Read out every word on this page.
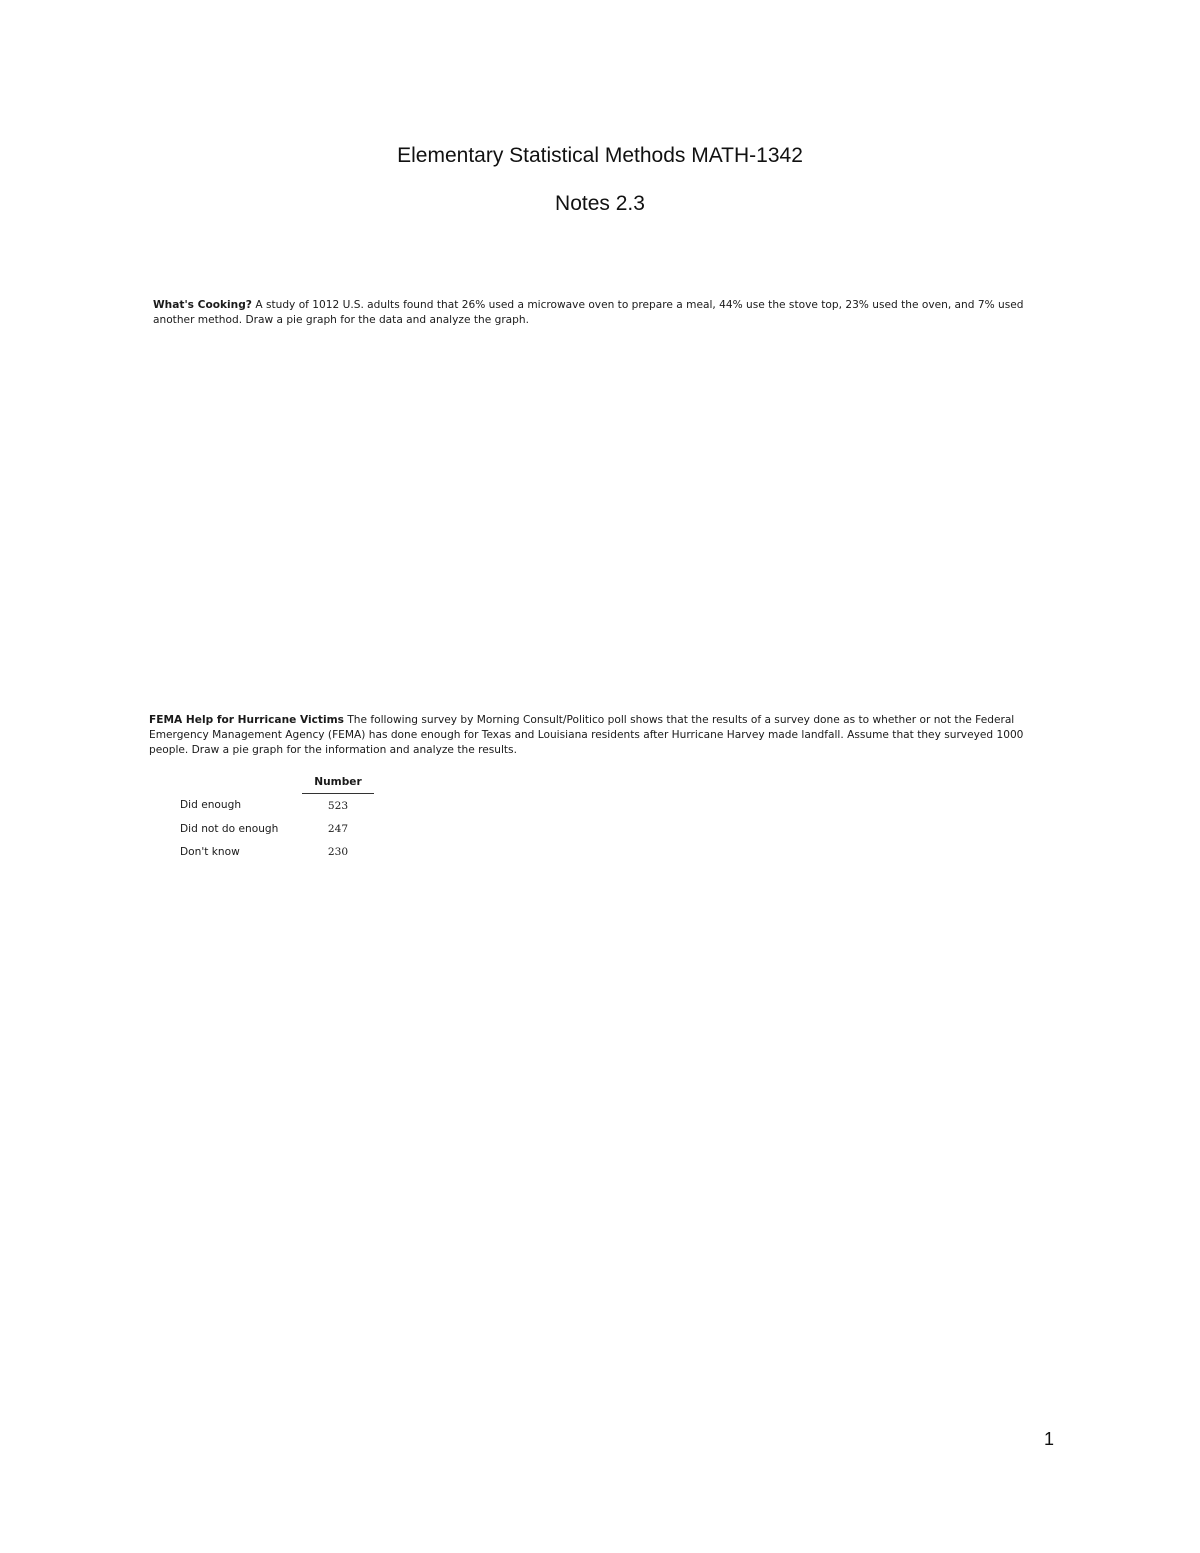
Elementary Statistical Methods MATH-1342
Notes 2.3
What's Cooking? A study of 1012 U.S. adults found that 26% used a microwave oven to prepare a meal, 44% use the stove top, 23% used the oven, and 7% used another method. Draw a pie graph for the data and analyze the graph.
FEMA Help for Hurricane Victims The following survey by Morning Consult/Politico poll shows that the results of a survey done as to whether or not the Federal Emergency Management Agency (FEMA) has done enough for Texas and Louisiana residents after Hurricane Harvey made landfall. Assume that they surveyed 1000 people. Draw a pie graph for the information and analyze the results.
	Number
Did enough	523
Did not do enough	247
Don't know	230
1
